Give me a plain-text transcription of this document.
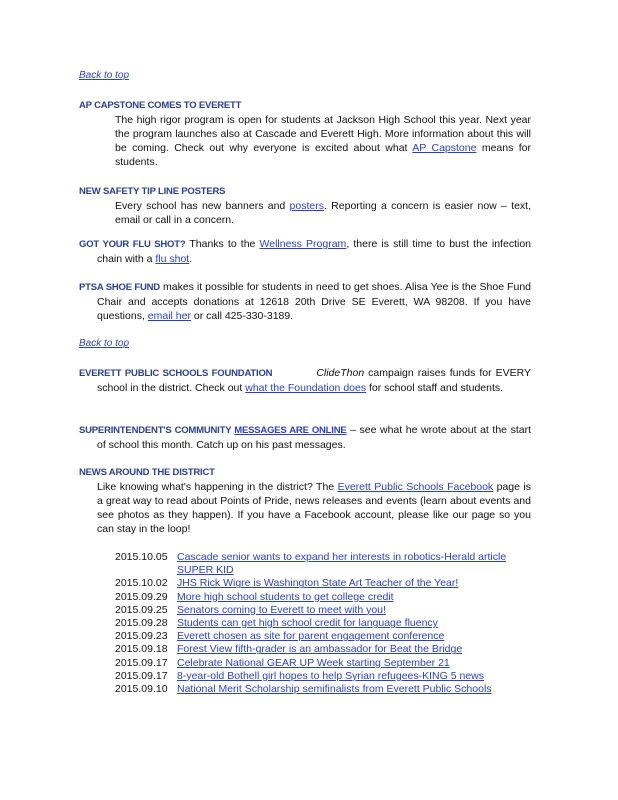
Back to top
AP CAPSTONE COMES TO EVERETT

The high rigor program is open for students at Jackson High School this year. Next year the program launches also at Cascade and Everett High. More information about this will be coming. Check out why everyone is excited about what AP Capstone means for students.
NEW SAFETY TIP LINE POSTERS

Every school has new banners and posters. Reporting a concern is easier now – text, email or call in a concern.
GOT YOUR FLU SHOT? Thanks to the Wellness Program, there is still time to bust the infection chain with a flu shot.
PTSA SHOE FUND makes it possible for students in need to get shoes. Alisa Yee is the Shoe Fund Chair and accepts donations at 12618 20th Drive SE Everett, WA 98208. If you have questions, email her or call 425-330-3189.
Back to top
EVERETT PUBLIC SCHOOLS FOUNDATION	ClideThon campaign raises funds for EVERY school in the district. Check out what the Foundation does for school staff and students.
SUPERINTENDENT'S COMMUNITY MESSAGES ARE ONLINE – see what he wrote about at the start of school this month. Catch up on his past messages.
NEWS AROUND THE DISTRICT
Like knowing what's happening in the district? The Everett Public Schools Facebook page is a great way to read about Points of Pride, news releases and events (learn about events and see photos as they happen). If you have a Facebook account, please like our page so you can stay in the loop!
2015.10.05 Cascade senior wants to expand her interests in robotics-Herald article SUPER KID
2015.10.02 JHS Rick Wigre is Washington State Art Teacher of the Year!
2015.09.29 More high school students to get college credit
2015.09.25 Senators coming to Everett to meet with you!
2015.09.28 Students can get high school credit for language fluency
2015.09.23 Everett chosen as site for parent engagement conference
2015.09.18 Forest View fifth-grader is an ambassador for Beat the Bridge
2015.09.17 Celebrate National GEAR UP Week starting September 21
2015.09.17 8-year-old Bothell girl hopes to help Syrian refugees-KING 5 news
2015.09.10 National Merit Scholarship semifinalists from Everett Public Schools
